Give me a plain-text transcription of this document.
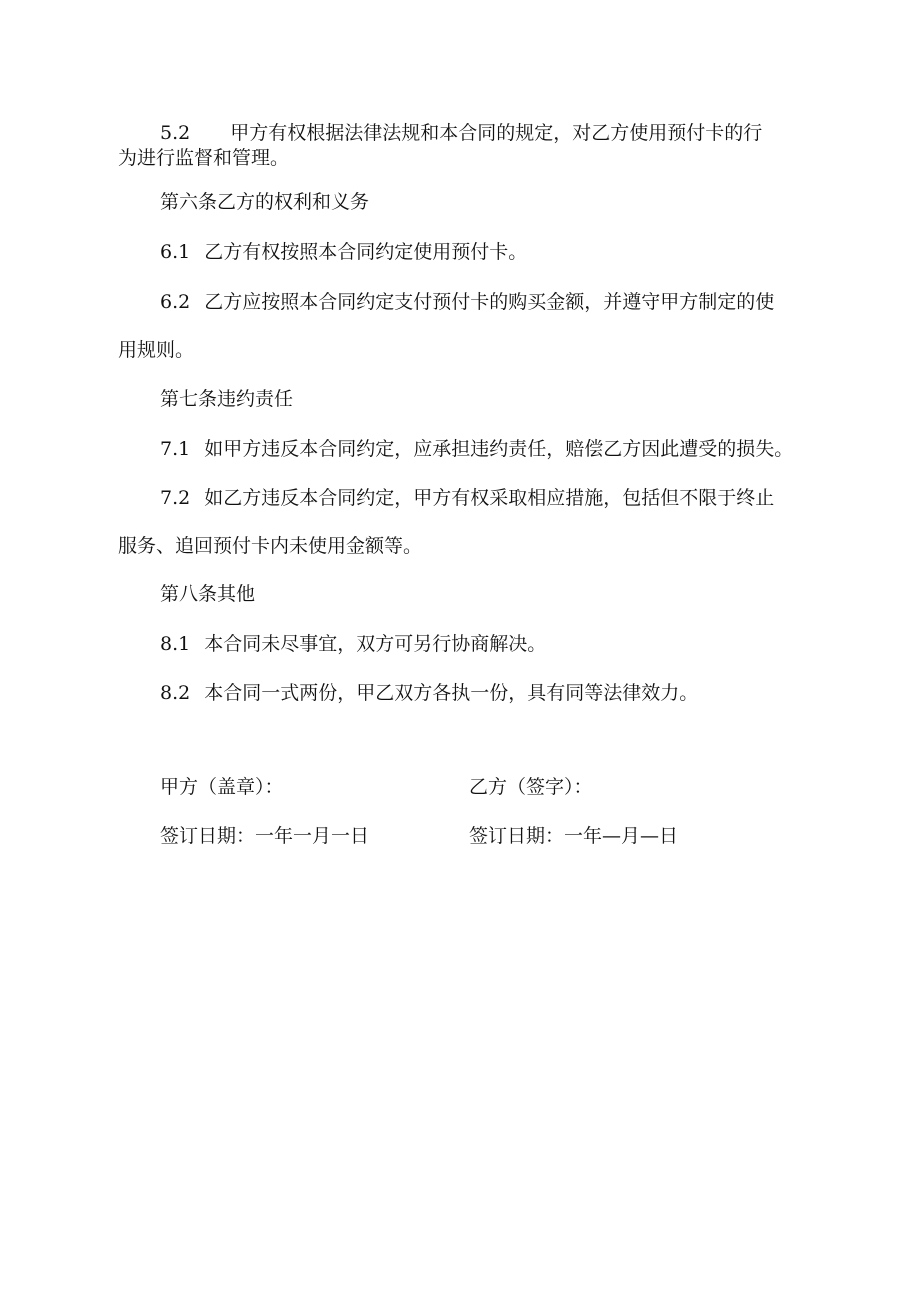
5.2 甲方有权根据法律法规和本合同的规定，对乙方使用预付卡的行
为进行监督和管理。
第六条乙方的权利和义务
6.1 乙方有权按照本合同约定使用预付卡。
6.2 乙方应按照本合同约定支付预付卡的购买金额，并遵守甲方制定的使
用规则。
第七条违约责任
7.1 如甲方违反本合同约定，应承担违约责任，赔偿乙方因此遭受的损失。
7.2 如乙方违反本合同约定，甲方有权采取相应措施，包括但不限于终止
服务、追回预付卡内未使用金额等。
第八条其他
8.1 本合同未尽事宜，双方可另行协商解决。
8.2 本合同一式两份，甲乙双方各执一份，具有同等法律效力。
甲方（盖章）：	乙方（签字）：
签订日期：一年一月一日	签订日期：一年—月—日
